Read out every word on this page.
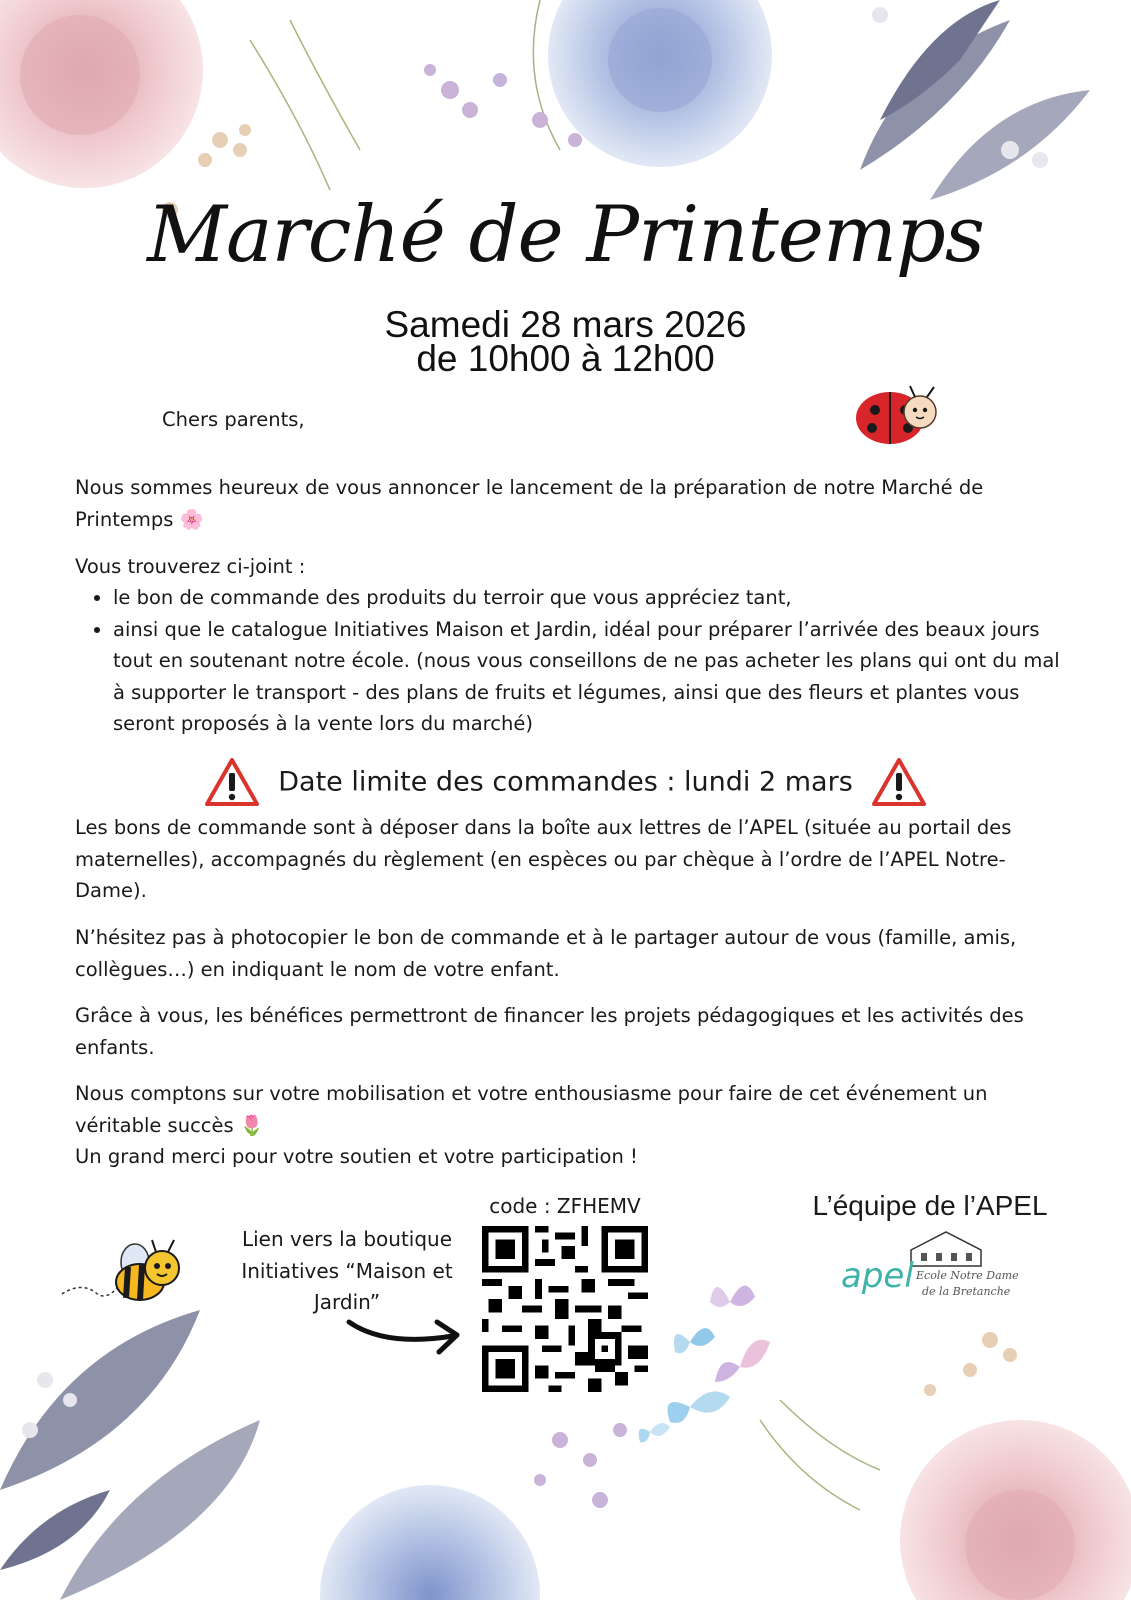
Marché de Printemps
Samedi 28 mars 2026
de 10h00 à 12h00
Chers parents,
Nous sommes heureux de vous annoncer le lancement de la préparation de notre Marché de Printemps 🌸
Vous trouverez ci-joint :
le bon de commande des produits du terroir que vous appréciez tant,
ainsi que le catalogue Initiatives Maison et Jardin, idéal pour préparer l’arrivée des beaux jours tout en soutenant notre école. (nous vous conseillons de ne pas acheter les plans qui ont du mal à supporter le transport - des plans de fruits et légumes, ainsi que des fleurs et plantes vous seront proposés à la vente lors du marché)
Date limite des commandes : lundi 2 mars
Les bons de commande sont à déposer dans la boîte aux lettres de l’APEL (située au portail des maternelles), accompagnés du règlement (en espèces ou par chèque à l’ordre de l’APEL Notre-Dame).
N’hésitez pas à photocopier le bon de commande et à le partager autour de vous (famille, amis, collègues…) en indiquant le nom de votre enfant.
Grâce à vous, les bénéfices permettront de financer les projets pédagogiques et les activités des enfants.
Nous comptons sur votre mobilisation et votre enthousiasme pour faire de cet événement un véritable succès 🌷
Un grand merci pour votre soutien et votre participation !
Lien vers la boutique Initiatives “Maison et Jardin”
code : ZFHEMV	L’équipe de l’APEL
apel Ecole Notre Dame
de la Bretanche
